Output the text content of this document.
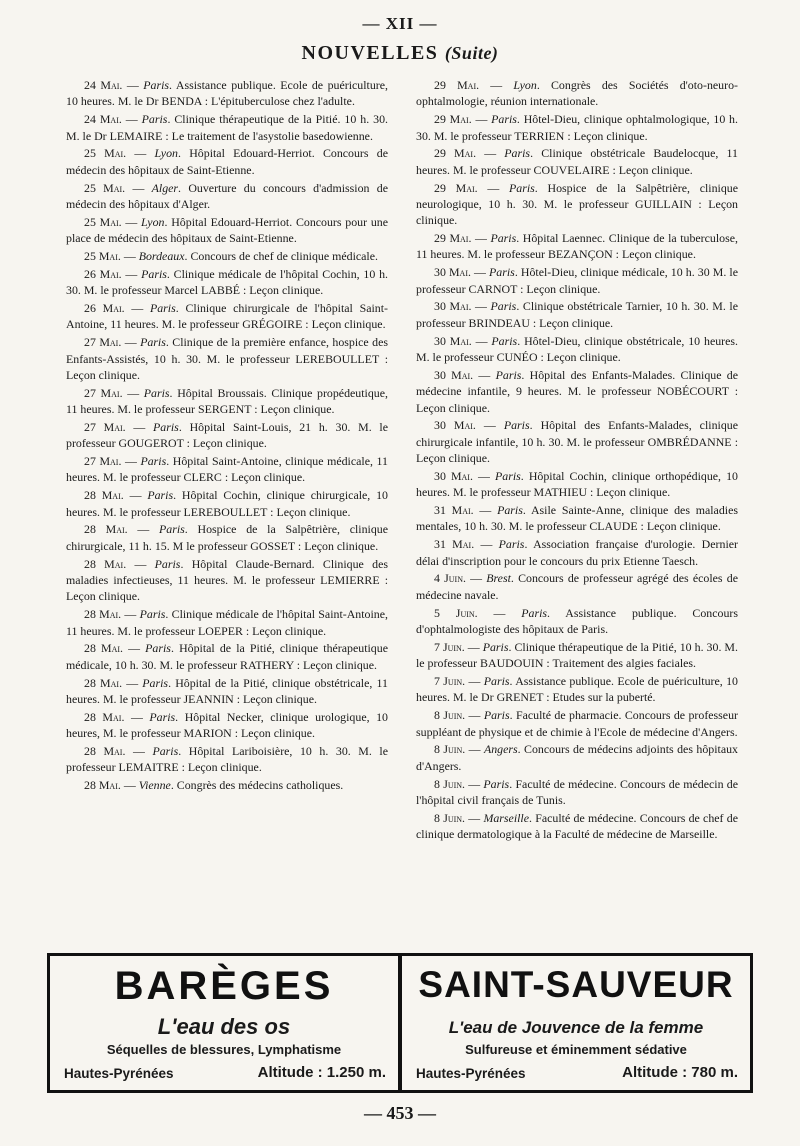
— XII —
NOUVELLES (Suite)

24 Mai. — Paris. Assistance publique. Ecole de puériculture, 10 heures. M. le Dr BENDA : L'épituberculose chez l'adulte.

24 Mai. — Paris. Clinique thérapeutique de la Pitié. 10 h. 30. M. le Dr LEMAIRE : Le traitement de l'asystolie basedowienne.

25 Mai. — Lyon. Hôpital Edouard-Herriot. Concours de médecin des hôpitaux de Saint-Etienne.

25 Mai. — Alger. Ouverture du concours d'admission de médecin des hôpitaux d'Alger.

25 Mai. — Lyon. Hôpital Edouard-Herriot. Concours pour une place de médecin des hôpitaux de Saint-Etienne.

25 Mai. — Bordeaux. Concours de chef de clinique médicale.

26 Mai. — Paris. Clinique médicale de l'hôpital Cochin, 10 h. 30. M. le professeur Marcel LABBÉ : Leçon clinique.

26 Mai. — Paris. Clinique chirurgicale de l'hôpital Saint-Antoine, 11 heures. M. le professeur GRÉGOIRE : Leçon clinique.

27 Mai. — Paris. Clinique de la première enfance, hospice des Enfants-Assistés, 10 h. 30. M. le professeur LEREBOULLET : Leçon clinique.

27 Mai. — Paris. Hôpital Broussais. Clinique propédeutique, 11 heures. M. le professeur SERGENT : Leçon clinique.

27 Mai. — Paris. Hôpital Saint-Louis, 21 h. 30. M. le professeur GOUGEROT : Leçon clinique.

27 Mai. — Paris. Hôpital Saint-Antoine, clinique médicale, 11 heures. M. le professeur CLERC : Leçon clinique.

28 Mai. — Paris. Hôpital Cochin, clinique chirurgicale, 10 heures. M. le professeur LEREBOULLET : Leçon clinique.

28 Mai. — Paris. Hospice de la Salpêtrière, clinique chirurgicale, 11 h. 15. M le professeur GOSSET : Leçon clinique.

28 Mai. — Paris. Hôpital Claude-Bernard. Clinique des maladies infectieuses, 11 heures. M. le professeur LEMIERRE : Leçon clinique.

28 Mai. — Paris. Clinique médicale de l'hôpital Saint-Antoine, 11 heures. M. le professeur LOEPER : Leçon clinique.

28 Mai. — Paris. Hôpital de la Pitié, clinique thérapeutique médicale, 10 h. 30. M. le professeur RATHERY : Leçon clinique.

28 Mai. — Paris. Hôpital de la Pitié, clinique obstétricale, 11 heures. M. le professeur JEANNIN : Leçon clinique.

28 Mai. — Paris. Hôpital Necker, clinique urologique, 10 heures, M. le professeur MARION : Leçon clinique.

28 Mai. — Paris. Hôpital Lariboisière, 10 h. 30. M. le professeur LEMAITRE : Leçon clinique.

28 Mai. — Vienne. Congrès des médecins catholiques.

29 Mai. — Lyon. Congrès des Sociétés d'oto-neuro-ophtalmologie, réunion internationale.

29 Mai. — Paris. Hôtel-Dieu, clinique ophtalmologique, 10 h. 30. M. le professeur TERRIEN : Leçon clinique.

29 Mai. — Paris. Clinique obstétricale Baudelocque, 11 heures. M. le professeur COUVELAIRE : Leçon clinique.

29 Mai. — Paris. Hospice de la Salpêtrière, clinique neurologique, 10 h. 30. M. le professeur GUILLAIN : Leçon clinique.

29 Mai. — Paris. Hôpital Laennec. Clinique de la tuberculose, 11 heures. M. le professeur BEZANÇON : Leçon clinique.

30 Mai. — Paris. Hôtel-Dieu, clinique médicale, 10 h. 30 M. le professeur CARNOT : Leçon clinique.

30 Mai. — Paris. Clinique obstétricale Tarnier, 10 h. 30. M. le professeur BRINDEAU : Leçon clinique.

30 Mai. — Paris. Hôtel-Dieu, clinique obstétricale, 10 heures. M. le professeur CUNÉO : Leçon clinique.

30 Mai. — Paris. Hôpital des Enfants-Malades. Clinique de médecine infantile, 9 heures. M. le professeur NOBÉCOURT : Leçon clinique.

30 Mai. — Paris. Hôpital des Enfants-Malades, clinique chirurgicale infantile, 10 h. 30. M. le professeur OMBRÉDANNE : Leçon clinique.

30 Mai. — Paris. Hôpital Cochin, clinique orthopédique, 10 heures. M. le professeur MATHIEU : Leçon clinique.

31 Mai. — Paris. Asile Sainte-Anne, clinique des maladies mentales, 10 h. 30. M. le professeur CLAUDE : Leçon clinique.

31 Mai. — Paris. Association française d'urologie. Dernier délai d'inscription pour le concours du prix Etienne Taesch.

4 Juin. — Brest. Concours de professeur agrégé des écoles de médecine navale.

5 Juin. — Paris. Assistance publique. Concours d'ophtalmologiste des hôpitaux de Paris.

7 Juin. — Paris. Clinique thérapeutique de la Pitié, 10 h. 30. M. le professeur BAUDOUIN : Traitement des algies faciales.

7 Juin. — Paris. Assistance publique. Ecole de puériculture, 10 heures. M. le Dr GRENET : Etudes sur la puberté.

8 Juin. — Paris. Faculté de pharmacie. Concours de professeur suppléant de physique et de chimie à l'Ecole de médecine d'Angers.

8 Juin. — Angers. Concours de médecins adjoints des hôpitaux d'Angers.

8 Juin. — Paris. Faculté de médecine. Concours de médecin de l'hôpital civil français de Tunis.

8 Juin. — Marseille. Faculté de médecine. Concours de chef de clinique dermatologique à la Faculté de médecine de Marseille.

BARÈGES
L'eau des os
Séquelles de blessures, Lymphatisme
Hautes-Pyrénées	Altitude : 1.250 m.
SAINT-SAUVEUR
L'eau de Jouvence de la femme
Sulfureuse et éminemment sédative
Hautes-Pyrénées	Altitude : 780 m.
— 453 —
